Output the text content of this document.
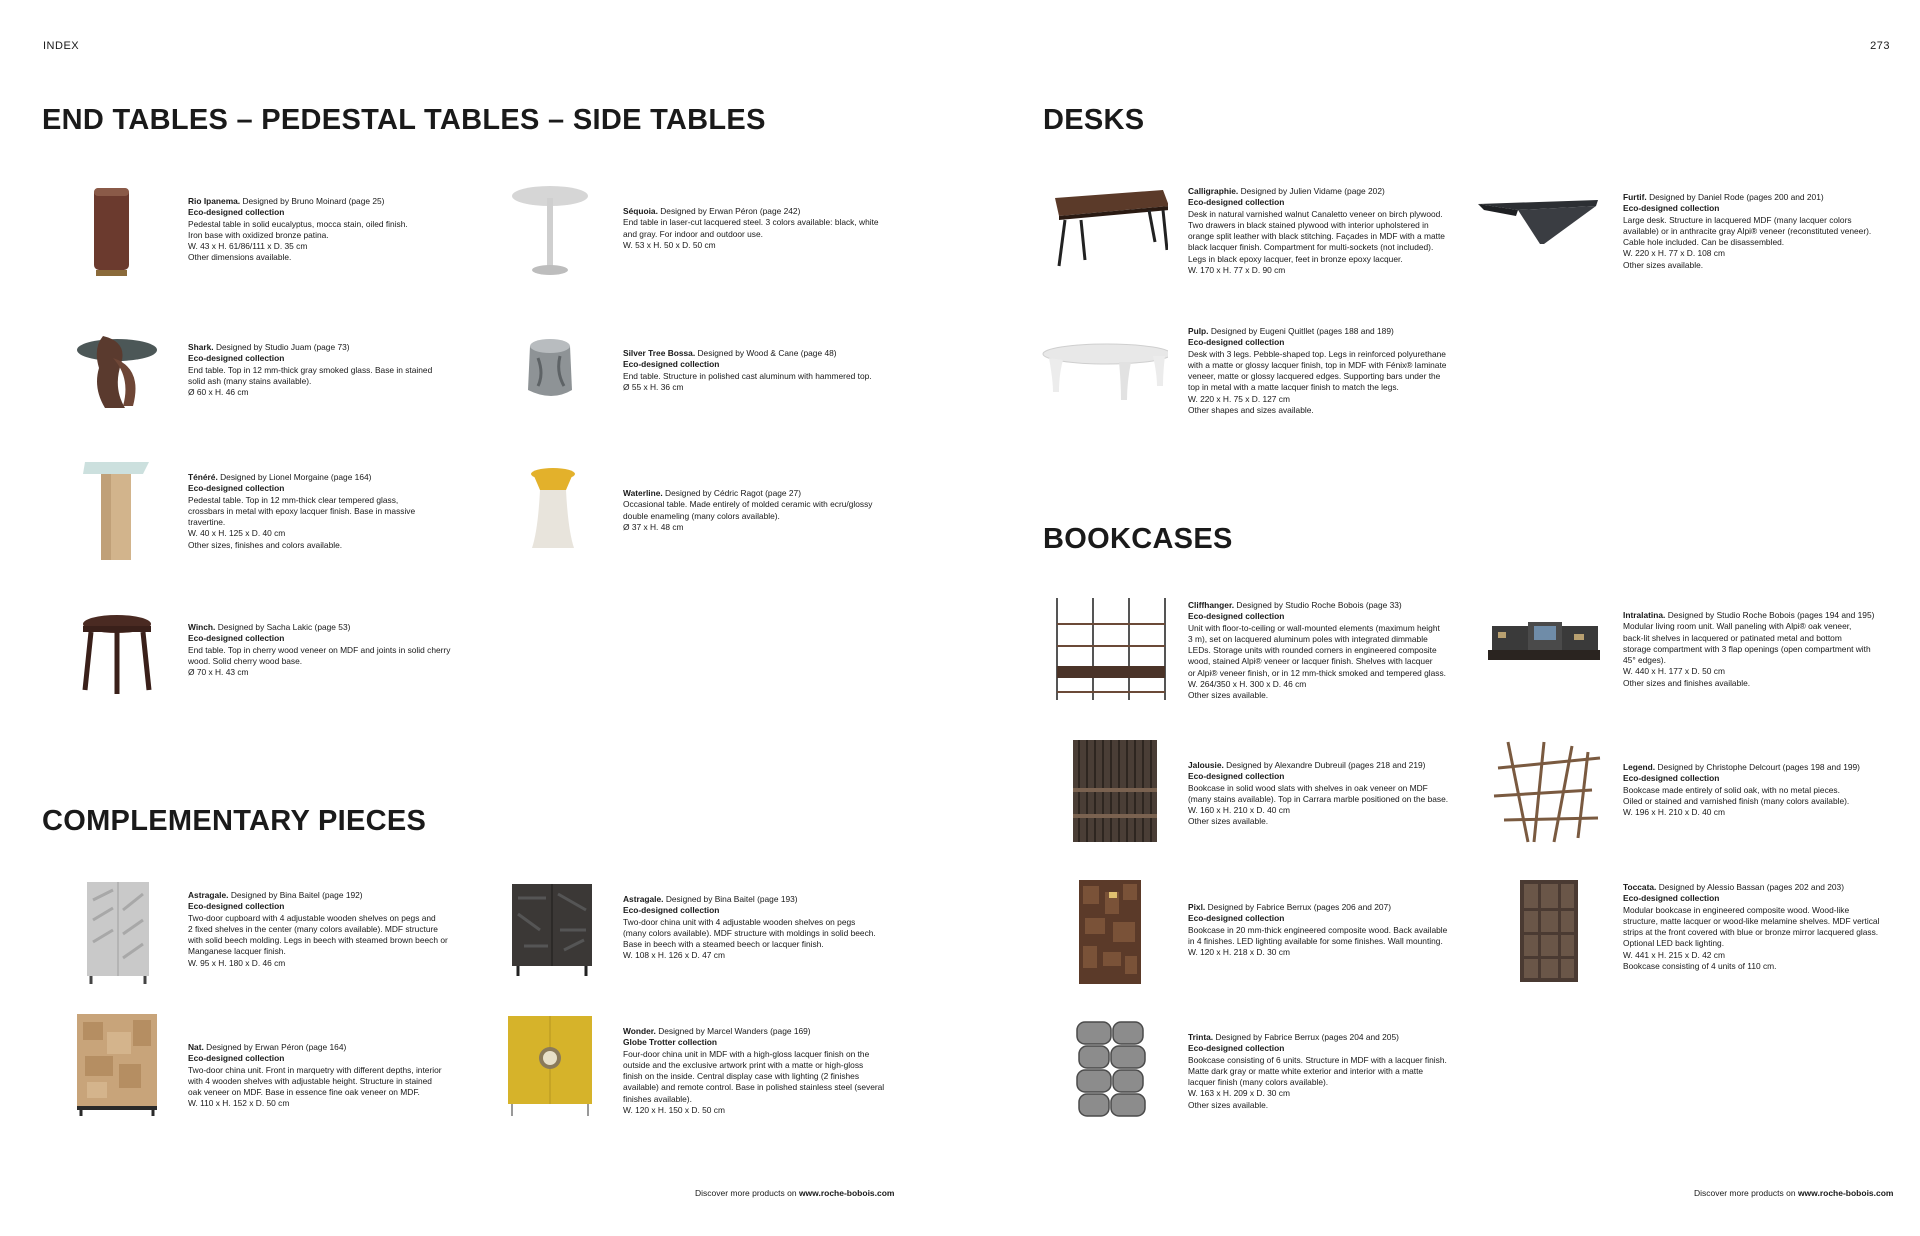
INDEX	273
END TABLES – PEDESTAL TABLES – SIDE TABLES
COMPLEMENTARY PIECES
DESKS
BOOKCASES
Rio Ipanema. Designed by Bruno Moinard (page 25)
Eco-designed collection
Pedestal table in solid eucalyptus, mocca stain, oiled finish.
Iron base with oxidized bronze patina.
W. 43 x H. 61/86/111 x D. 35 cm
Other dimensions available.
Séquoia. Designed by Erwan Péron (page 242)
End table in laser-cut lacquered steel. 3 colors available: black, white
and gray. For indoor and outdoor use.
W. 53 x H. 50 x D. 50 cm
Shark. Designed by Studio Juam (page 73)
Eco-designed collection
End table. Top in 12 mm-thick gray smoked glass. Base in stained
solid ash (many stains available).
Ø 60 x H. 46 cm
Silver Tree Bossa. Designed by Wood & Cane (page 48)
Eco-designed collection
End table. Structure in polished cast aluminum with hammered top.
Ø 55 x H. 36 cm
Ténéré. Designed by Lionel Morgaine (page 164)
Eco-designed collection
Pedestal table. Top in 12 mm-thick clear tempered glass,
crossbars in metal with epoxy lacquer finish. Base in massive
travertine.
W. 40 x H. 125 x D. 40 cm
Other sizes, finishes and colors available.
Waterline. Designed by Cédric Ragot (page 27)
Occasional table. Made entirely of molded ceramic with ecru/glossy
double enameling (many colors available).
Ø 37 x H. 48 cm
Winch. Designed by Sacha Lakic (page 53)
Eco-designed collection
End table. Top in cherry wood veneer on MDF and joints in solid cherry
wood. Solid cherry wood base.
Ø 70 x H. 43 cm
Astragale. Designed by Bina Baitel (page 192)
Eco-designed collection
Two-door cupboard with 4 adjustable wooden shelves on pegs and
2 fixed shelves in the center (many colors available). MDF structure
with solid beech molding. Legs in beech with steamed brown beech or
Manganese lacquer finish.
W. 95 x H. 180 x D. 46 cm
Astragale. Designed by Bina Baitel (page 193)
Eco-designed collection
Two-door china unit with 4 adjustable wooden shelves on pegs
(many colors available). MDF structure with moldings in solid beech.
Base in beech with a steamed beech or lacquer finish.
W. 108 x H. 126 x D. 47 cm
Nat. Designed by Erwan Péron (page 164)
Eco-designed collection
Two-door china unit. Front in marquetry with different depths, interior
with 4 wooden shelves with adjustable height. Structure in stained
oak veneer on MDF. Base in essence fine oak veneer on MDF.
W. 110 x H. 152 x D. 50 cm
Wonder. Designed by Marcel Wanders (page 169)
Globe Trotter collection
Four-door china unit in MDF with a high-gloss lacquer finish on the
outside and the exclusive artwork print with a matte or high-gloss
finish on the inside. Central display case with lighting (2 finishes
available) and remote control. Base in polished stainless steel (several
finishes available).
W. 120 x H. 150 x D. 50 cm
Calligraphie. Designed by Julien Vidame (page 202)
Eco-designed collection
Desk in natural varnished walnut Canaletto veneer on birch plywood.
Two drawers in black stained plywood with interior upholstered in
orange split leather with black stitching. Façades in MDF with a matte
black lacquer finish. Compartment for multi-sockets (not included).
Legs in black epoxy lacquer, feet in bronze epoxy lacquer.
W. 170 x H. 77 x D. 90 cm
Furtif. Designed by Daniel Rode (pages 200 and 201)
Eco-designed collection
Large desk. Structure in lacquered MDF (many lacquer colors
available) or in anthracite gray Alpi® veneer (reconstituted veneer).
Cable hole included. Can be disassembled.
W. 220 x H. 77 x D. 108 cm
Other sizes available.
Pulp. Designed by Eugeni Quitllet (pages 188 and 189)
Eco-designed collection
Desk with 3 legs. Pebble-shaped top. Legs in reinforced polyurethane
with a matte or glossy lacquer finish, top in MDF with Fénix® laminate
veneer, matte or glossy lacquered edges. Supporting bars under the
top in metal with a matte lacquer finish to match the legs.
W. 220 x H. 75 x D. 127 cm
Other shapes and sizes available.
Cliffhanger. Designed by Studio Roche Bobois (page 33)
Eco-designed collection
Unit with floor-to-ceiling or wall-mounted elements (maximum height
3 m), set on lacquered aluminum poles with integrated dimmable
LEDs. Storage units with rounded corners in engineered composite
wood, stained Alpi® veneer or lacquer finish. Shelves with lacquer
or Alpi® veneer finish, or in 12 mm-thick smoked and tempered glass.
W. 264/350 x H. 300 x D. 46 cm
Other sizes available.
Intralatina. Designed by Studio Roche Bobois (pages 194 and 195)
Modular living room unit. Wall paneling with Alpi® oak veneer,
back-lit shelves in lacquered or patinated metal and bottom
storage compartment with 3 flap openings (open compartment with
45° edges).
W. 440 x H. 177 x D. 50 cm
Other sizes and finishes available.
Jalousie. Designed by Alexandre Dubreuil (pages 218 and 219)
Eco-designed collection
Bookcase in solid wood slats with shelves in oak veneer on MDF
(many stains available). Top in Carrara marble positioned on the base.
W. 160 x H. 210 x D. 40 cm
Other sizes available.
Legend. Designed by Christophe Delcourt (pages 198 and 199)
Eco-designed collection
Bookcase made entirely of solid oak, with no metal pieces.
Oiled or stained and varnished finish (many colors available).
W. 196 x H. 210 x D. 40 cm
Pixl. Designed by Fabrice Berrux (pages 206 and 207)
Eco-designed collection
Bookcase in 20 mm-thick engineered composite wood. Back available
in 4 finishes. LED lighting available for some finishes. Wall mounting.
W. 120 x H. 218 x D. 30 cm
Toccata. Designed by Alessio Bassan (pages 202 and 203)
Eco-designed collection
Modular bookcase in engineered composite wood. Wood-like
structure, matte lacquer or wood-like melamine shelves. MDF vertical
strips at the front covered with blue or bronze mirror lacquered glass.
Optional LED back lighting.
W. 441 x H. 215 x D. 42 cm
Bookcase consisting of 4 units of 110 cm.
Trinta. Designed by Fabrice Berrux (pages 204 and 205)
Eco-designed collection
Bookcase consisting of 6 units. Structure in MDF with a lacquer finish.
Matte dark gray or matte white exterior and interior with a matte
lacquer finish (many colors available).
W. 163 x H. 209 x D. 30 cm
Other sizes available.
Discover more products on www.roche-bobois.com	Discover more products on www.roche-bobois.com
